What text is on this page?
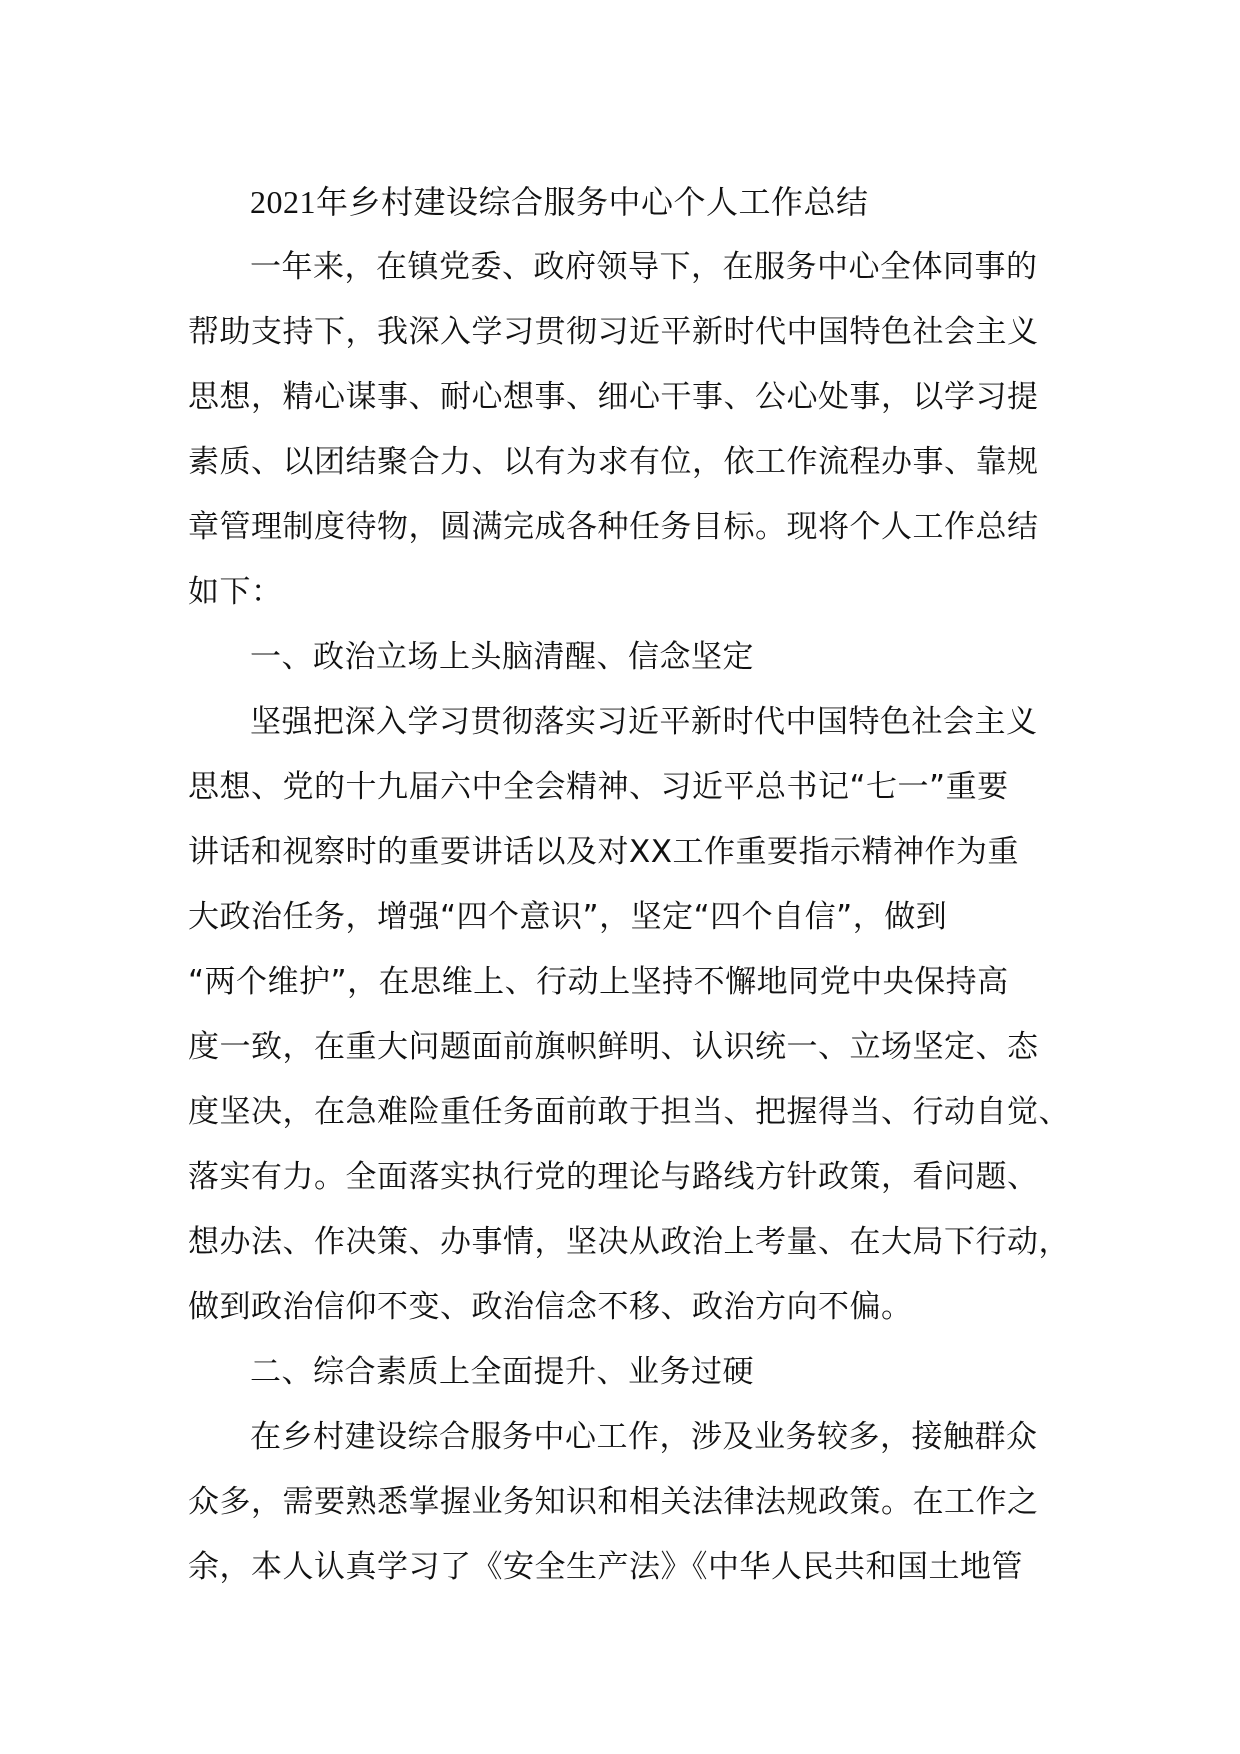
2021年乡村建设综合服务中心个人工作总结
一年来，在镇党委、政府领导下，在服务中心全体同事的
帮助支持下，我深入学习贯彻习近平新时代中国特色社会主义
思想，精心谋事、耐心想事、细心干事、公心处事，以学习提
素质、以团结聚合力、以有为求有位，依工作流程办事、靠规
章管理制度待物，圆满完成各种任务目标。现将个人工作总结
如下：
一、政治立场上头脑清醒、信念坚定
坚强把深入学习贯彻落实习近平新时代中国特色社会主义
思想、党的十九届六中全会精神、习近平总书记“七一”重要
讲话和视察时的重要讲话以及对XX工作重要指示精神作为重
大政治任务，增强“四个意识”，坚定“四个自信”，做到
“两个维护”，在思维上、行动上坚持不懈地同党中央保持高
度一致，在重大问题面前旗帜鲜明、认识统一、立场坚定、态
度坚决，在急难险重任务面前敢于担当、把握得当、行动自觉、
落实有力。全面落实执行党的理论与路线方针政策，看问题、
想办法、作决策、办事情，坚决从政治上考量、在大局下行动，
做到政治信仰不变、政治信念不移、政治方向不偏。
二、综合素质上全面提升、业务过硬
在乡村建设综合服务中心工作，涉及业务较多，接触群众
众多，需要熟悉掌握业务知识和相关法律法规政策。在工作之
余，本人认真学习了《安全生产法》《中华人民共和国土地管
